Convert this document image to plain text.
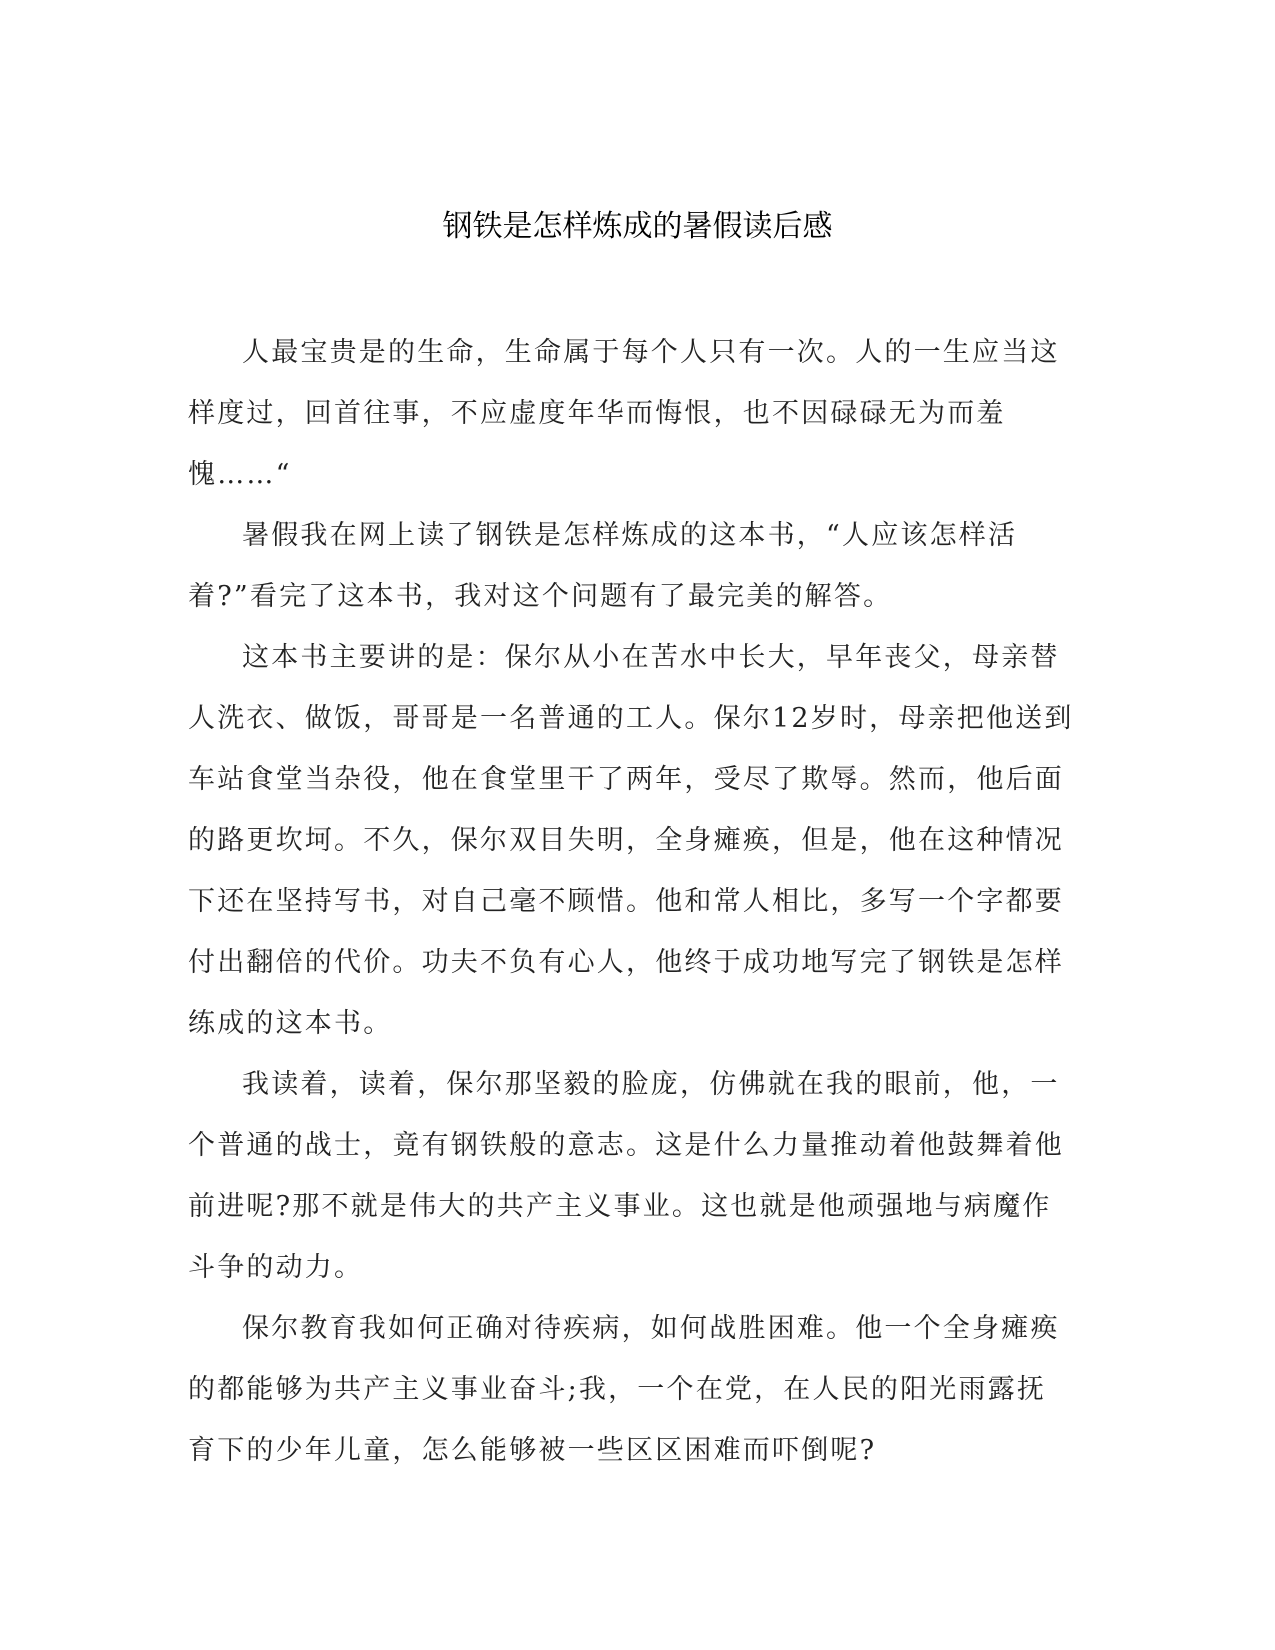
钢铁是怎样炼成的暑假读后感

人最宝贵是的生命，生命属于每个人只有一次。人的一生应当这样度过，回首往事，不应虚度年华而悔恨，也不因碌碌无为而羞愧……“

暑假我在网上读了钢铁是怎样炼成的这本书，“人应该怎样活着?”看完了这本书，我对这个问题有了最完美的解答。

这本书主要讲的是：保尔从小在苦水中长大，早年丧父，母亲替人洗衣、做饭，哥哥是一名普通的工人。保尔12岁时，母亲把他送到车站食堂当杂役，他在食堂里干了两年，受尽了欺辱。然而，他后面的路更坎坷。不久，保尔双目失明，全身瘫痪，但是，他在这种情况下还在坚持写书，对自己毫不顾惜。他和常人相比，多写一个字都要付出翻倍的代价。功夫不负有心人，他终于成功地写完了钢铁是怎样练成的这本书。

我读着，读着，保尔那坚毅的脸庞，仿佛就在我的眼前，他，一个普通的战士，竟有钢铁般的意志。这是什么力量推动着他鼓舞着他前进呢?那不就是伟大的共产主义事业。这也就是他顽强地与病魔作斗争的动力。

保尔教育我如何正确对待疾病，如何战胜困难。他一个全身瘫痪的都能够为共产主义事业奋斗;我，一个在党，在人民的阳光雨露抚育下的少年儿童，怎么能够被一些区区困难而吓倒呢?
